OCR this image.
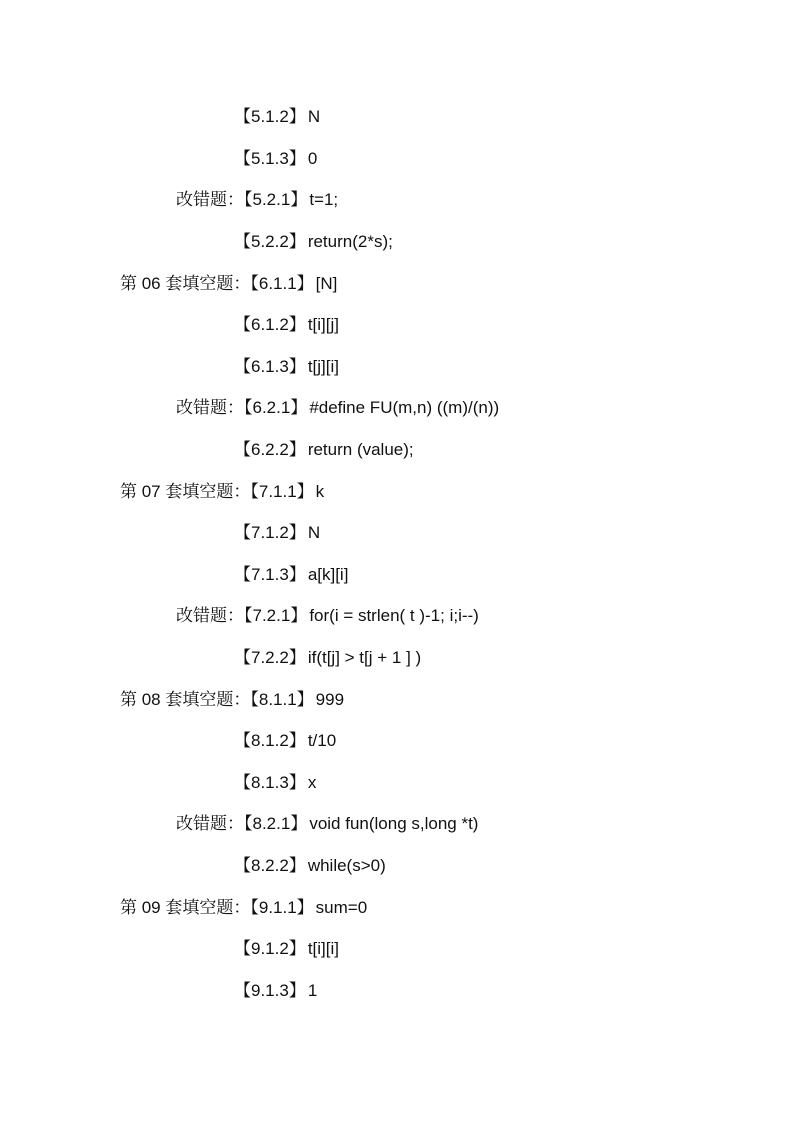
【5.1.2】 N
【5.1.3】 0
改错题：【5.2.1】 t=1;
【5.2.2】 return(2*s);
第 06 套填空题：【6.1.1】 [N]
【6.1.2】 t[i][j]
【6.1.3】 t[j][i]
改错题：【6.2.1】 #define FU(m,n) ((m)/(n))
【6.2.2】 return (value);
第 07 套填空题：【7.1.1】 k
【7.1.2】 N
【7.1.3】 a[k][i]
改错题：【7.2.1】 for(i = strlen( t )-1; i;i--)
【7.2.2】 if(t[j] > t[j + 1 ] )
第 08 套填空题：【8.1.1】 999
【8.1.2】 t/10
【8.1.3】 x
改错题：【8.2.1】 void fun(long s,long *t)
【8.2.2】 while(s>0)
第 09 套填空题：【9.1.1】 sum=0
【9.1.2】 t[i][i]
【9.1.3】 1
